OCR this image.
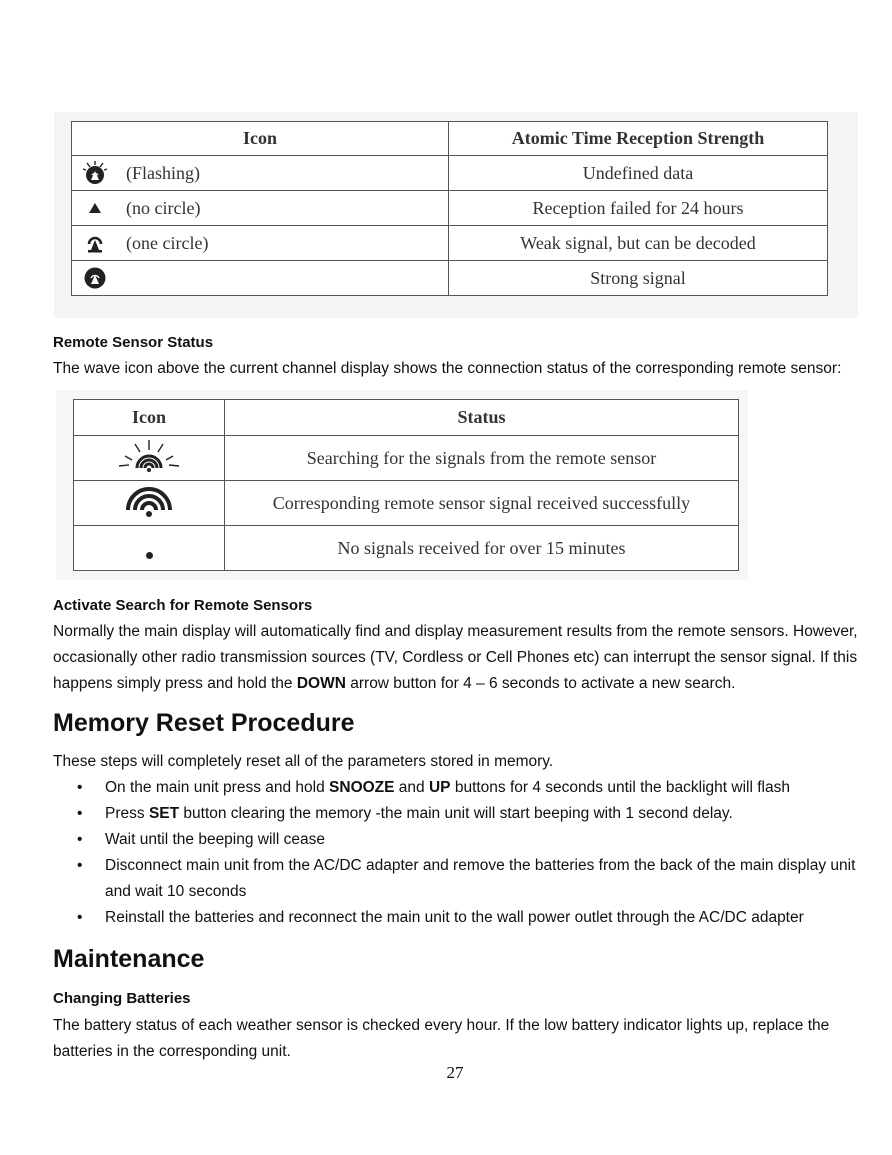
Icon	Atomic Time Reception Strength

(Flashing)	Undefined data

(no circle)	Reception failed for 24 hours

(one circle)	Weak signal, but can be decoded

	Strong signal
Remote Sensor Status
The wave icon above the current channel display shows the connection status of the corresponding remote sensor:
Icon	Status
	Searching for the signals from the remote sensor
	Corresponding remote sensor signal received successfully
	No signals received for over 15 minutes
Activate Search for Remote Sensors
Normally the main display will automatically find and display measurement results from the remote sensors. However, occasionally other radio transmission sources (TV, Cordless or Cell Phones etc) can interrupt the sensor signal. If this happens simply press and hold the DOWN arrow button for 4 – 6 seconds to activate a new search.
Memory Reset Procedure
These steps will completely reset all of the parameters stored in memory.
• On the main unit press and hold SNOOZE and UP buttons for 4 seconds until the backlight will flash
• Press SET button clearing the memory -the main unit will start beeping with 1 second delay.
• Wait until the beeping will cease
• Disconnect main unit from the AC/DC adapter and remove the batteries from the back of the main display unit and wait 10 seconds
• Reinstall the batteries and reconnect the main unit to the wall power outlet through the AC/DC adapter
Maintenance
Changing Batteries
The battery status of each weather sensor is checked every hour. If the low battery indicator lights up, replace the batteries in the corresponding unit.
27
